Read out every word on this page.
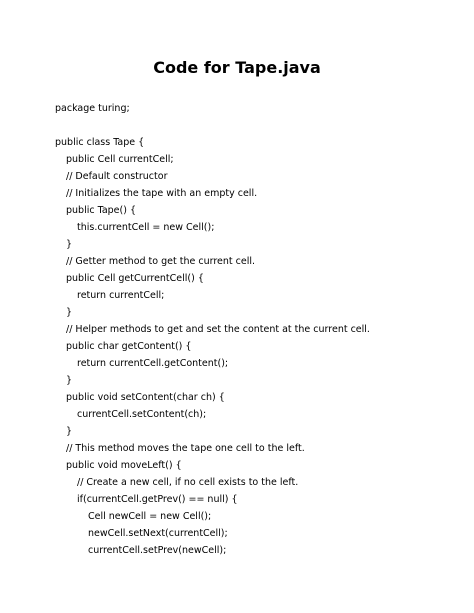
Code for Tape.java
package turing;
public class Tape {
public Cell currentCell;
// Default constructor
// Initializes the tape with an empty cell.
public Tape() {
this.currentCell = new Cell();
}
// Getter method to get the current cell.
public Cell getCurrentCell() {
return currentCell;
}
// Helper methods to get and set the content at the current cell.
public char getContent() {
return currentCell.getContent();
}
public void setContent(char ch) {
currentCell.setContent(ch);
}
// This method moves the tape one cell to the left.
public void moveLeft() {
// Create a new cell, if no cell exists to the left.
if(currentCell.getPrev() == null) {
Cell newCell = new Cell();
newCell.setNext(currentCell);
currentCell.setPrev(newCell);
